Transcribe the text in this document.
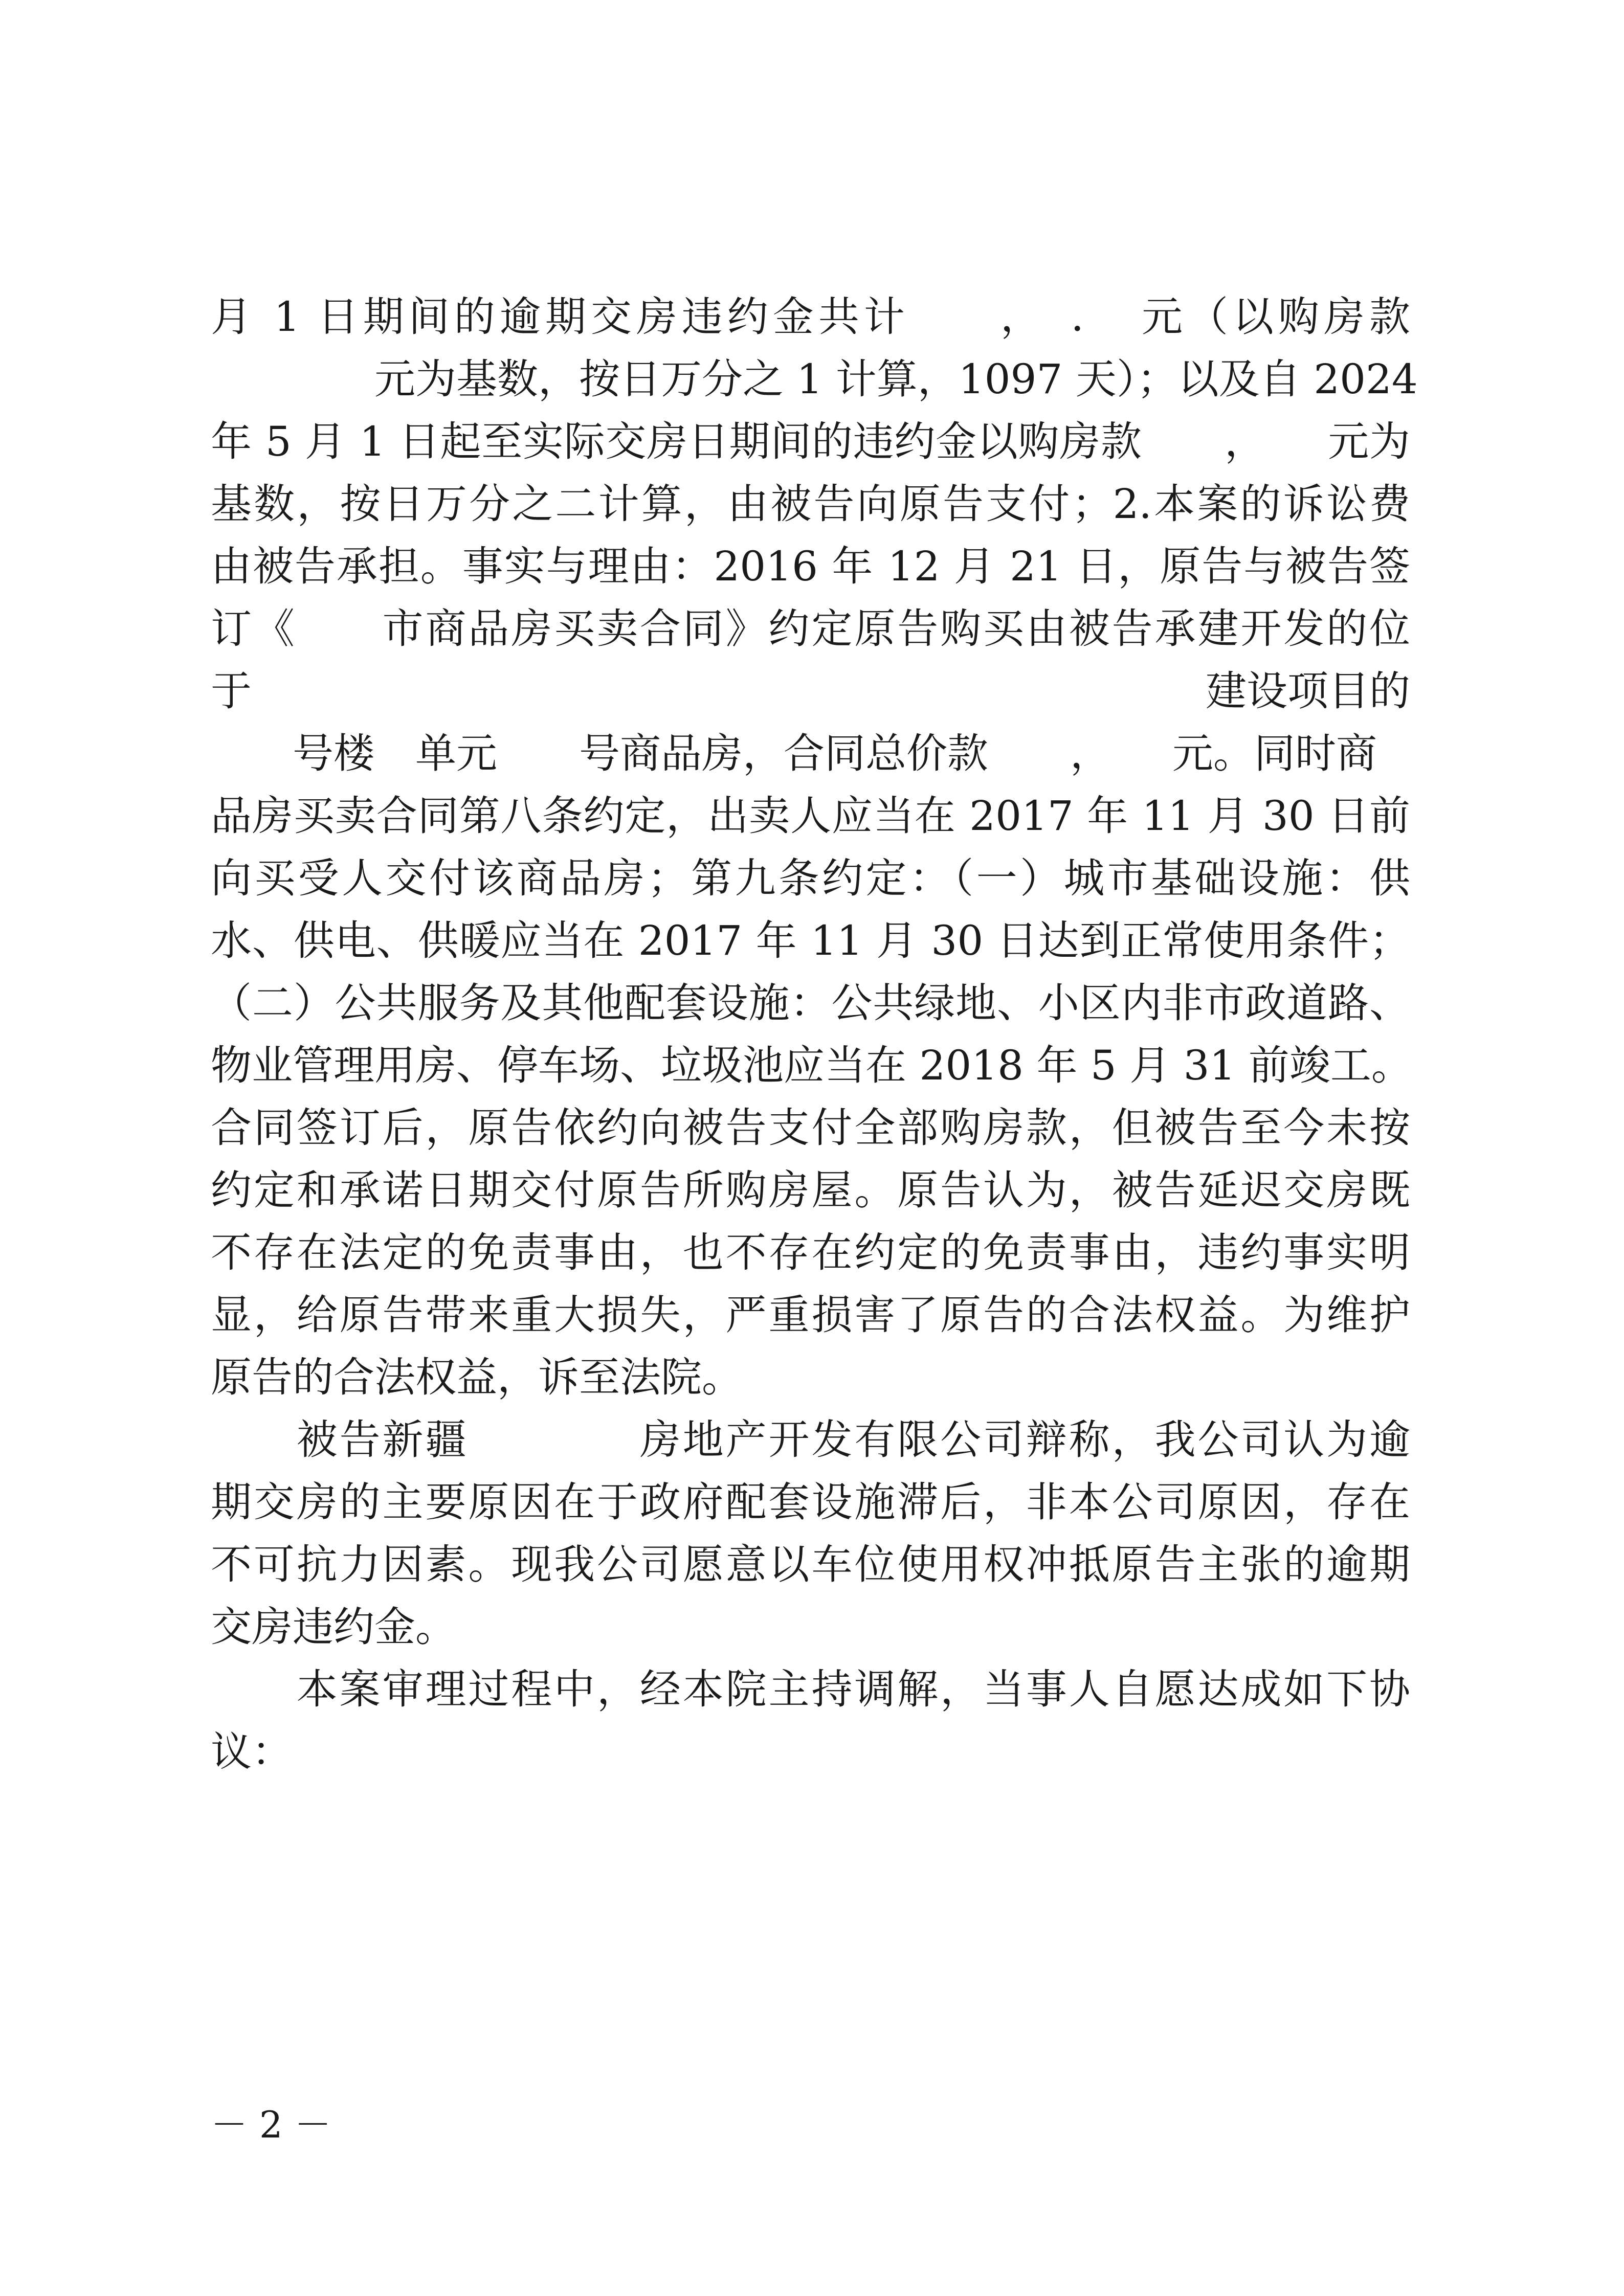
月 1 日期间的逾期交房违约金共计　　，　．　元（以购房款
　　　　元为基数，按日万分之 1 计算，1097 天）；以及自 2024
年 5 月 1 日起至实际交房日期间的违约金以购房款　　，　　元为
基数，按日万分之二计算，由被告向原告支付；2.本案的诉讼费
由被告承担。事实与理由：2016 年 12 月 21 日，原告与被告签
订《　　市商品房买卖合同》约定原告购买由被告承建开发的位
于	建设项目的
　　号楼　单元　　号商品房，合同总价款　　，　　元。同时商
品房买卖合同第八条约定，出卖人应当在 2017 年 11 月 30 日前
向买受人交付该商品房；第九条约定：（一）城市基础设施：供
水、供电、供暖应当在 2017 年 11 月 30 日达到正常使用条件；
（二）公共服务及其他配套设施：公共绿地、小区内非市政道路、
物业管理用房、停车场、垃圾池应当在 2018 年 5 月 31 前竣工。
合同签订后，原告依约向被告支付全部购房款，但被告至今未按
约定和承诺日期交付原告所购房屋。原告认为，被告延迟交房既
不存在法定的免责事由，也不存在约定的免责事由，违约事实明
显，给原告带来重大损失，严重损害了原告的合法权益。为维护
原告的合法权益，诉至法院。
　　被告新疆　　　　房地产开发有限公司辩称，我公司认为逾
期交房的主要原因在于政府配套设施滞后，非本公司原因，存在
不可抗力因素。现我公司愿意以车位使用权冲抵原告主张的逾期
交房违约金。
　　本案审理过程中，经本院主持调解，当事人自愿达成如下协
议：
－ 2 －
